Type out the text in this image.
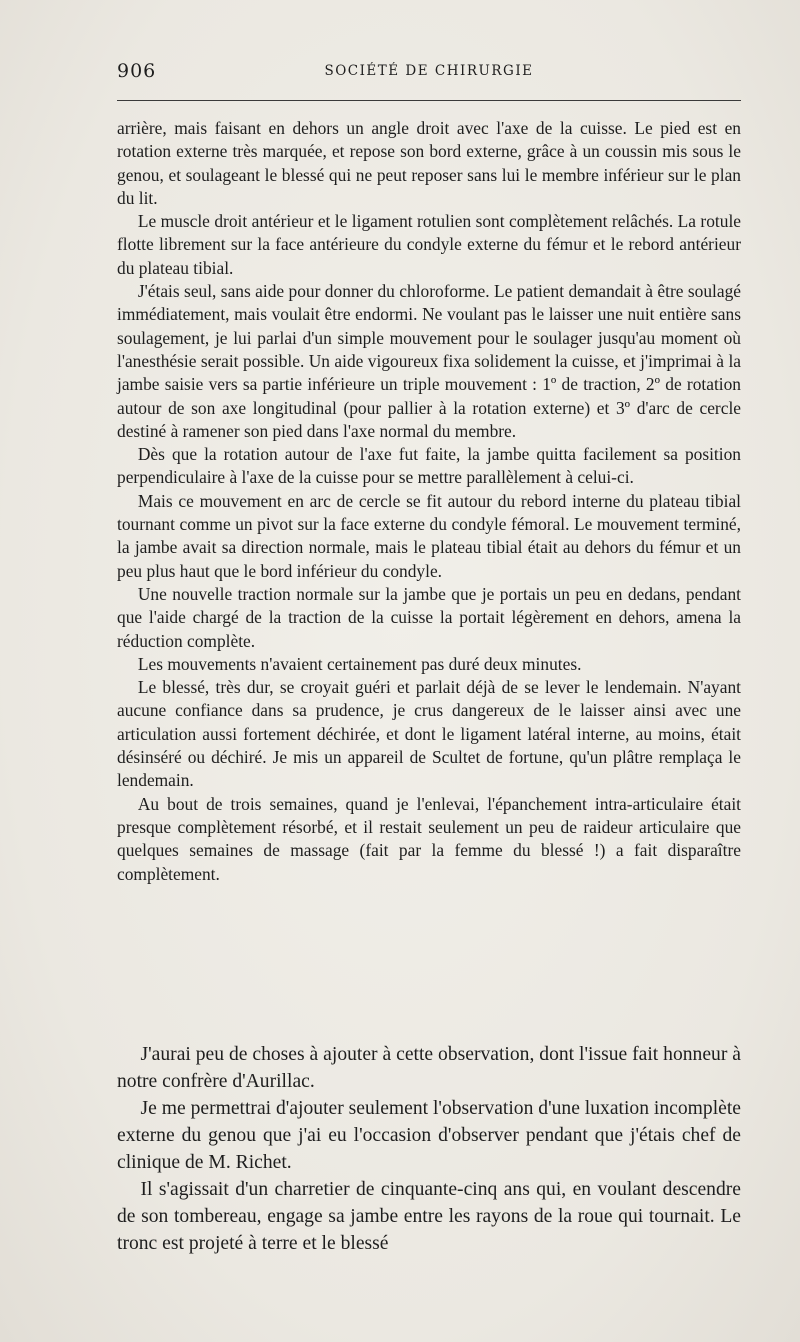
906	SOCIÉTÉ DE CHIRURGIE

arrière, mais faisant en dehors un angle droit avec l'axe de la cuisse. Le pied est en rotation externe très marquée, et repose son bord externe, grâce à un coussin mis sous le genou, et soulageant le blessé qui ne peut reposer sans lui le membre inférieur sur le plan du lit.

Le muscle droit antérieur et le ligament rotulien sont complètement relâchés. La rotule flotte librement sur la face antérieure du condyle externe du fémur et le rebord antérieur du plateau tibial.

J'étais seul, sans aide pour donner du chloroforme. Le patient demandait à être soulagé immédiatement, mais voulait être endormi. Ne voulant pas le laisser une nuit entière sans soulagement, je lui parlai d'un simple mouvement pour le soulager jusqu'au moment où l'anesthésie serait possible. Un aide vigoureux fixa solidement la cuisse, et j'imprimai à la jambe saisie vers sa partie inférieure un triple mouvement : 1º de traction, 2º de rotation autour de son axe longitudinal (pour pallier à la rotation externe) et 3º d'arc de cercle destiné à ramener son pied dans l'axe normal du membre.

Dès que la rotation autour de l'axe fut faite, la jambe quitta facilement sa position perpendiculaire à l'axe de la cuisse pour se mettre parallèlement à celui-ci.

Mais ce mouvement en arc de cercle se fit autour du rebord interne du plateau tibial tournant comme un pivot sur la face externe du condyle fémoral. Le mouvement terminé, la jambe avait sa direction normale, mais le plateau tibial était au dehors du fémur et un peu plus haut que le bord inférieur du condyle.

Une nouvelle traction normale sur la jambe que je portais un peu en dedans, pendant que l'aide chargé de la traction de la cuisse la portait légèrement en dehors, amena la réduction complète.

Les mouvements n'avaient certainement pas duré deux minutes.

Le blessé, très dur, se croyait guéri et parlait déjà de se lever le lendemain. N'ayant aucune confiance dans sa prudence, je crus dangereux de le laisser ainsi avec une articulation aussi fortement déchirée, et dont le ligament latéral interne, au moins, était désinséré ou déchiré. Je mis un appareil de Scultet de fortune, qu'un plâtre remplaça le lendemain.

Au bout de trois semaines, quand je l'enlevai, l'épanchement intra-articulaire était presque complètement résorbé, et il restait seulement un peu de raideur articulaire que quelques semaines de massage (fait par la femme du blessé !) a fait disparaître complètement.

J'aurai peu de choses à ajouter à cette observation, dont l'issue fait honneur à notre confrère d'Aurillac.

Je me permettrai d'ajouter seulement l'observation d'une luxation incomplète externe du genou que j'ai eu l'occasion d'observer pendant que j'étais chef de clinique de M. Richet.

Il s'agissait d'un charretier de cinquante-cinq ans qui, en voulant descendre de son tombereau, engage sa jambe entre les rayons de la roue qui tournait. Le tronc est projeté à terre et le blessé
